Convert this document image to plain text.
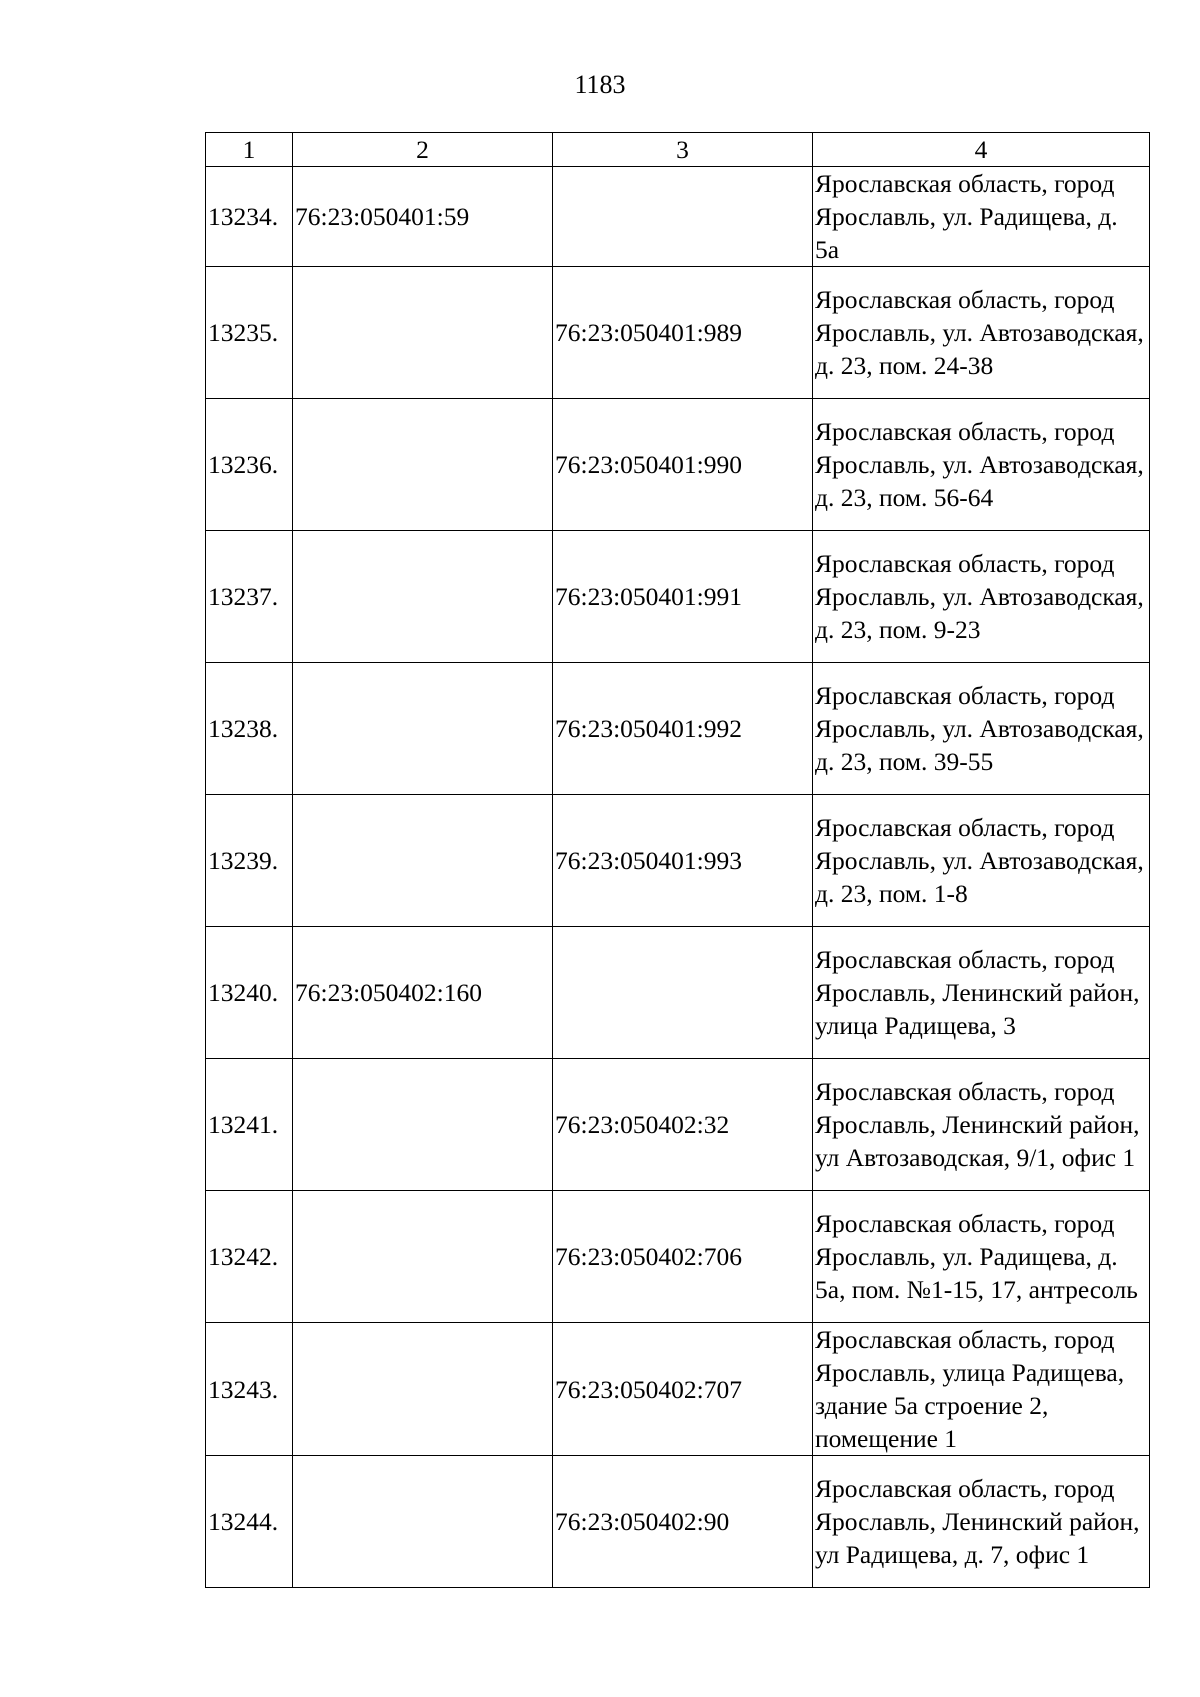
1183
1	2	3	4
13234.	76:23:050401:59		Ярославская область, город Ярославль, ул. Радищева, д. 5а
13235.		76:23:050401:989	Ярославская область, город Ярославль, ул. Автозаводская, д. 23, пом. 24-38
13236.		76:23:050401:990	Ярославская область, город Ярославль, ул. Автозаводская, д. 23, пом. 56-64
13237.		76:23:050401:991	Ярославская область, город Ярославль, ул. Автозаводская, д. 23, пом. 9-23
13238.		76:23:050401:992	Ярославская область, город Ярославль, ул. Автозаводская, д. 23, пом. 39-55
13239.		76:23:050401:993	Ярославская область, город Ярославль, ул. Автозаводская, д. 23, пом. 1-8
13240.	76:23:050402:160		Ярославская область, город Ярославль, Ленинский район, улица Радищева, 3
13241.		76:23:050402:32	Ярославская область, город Ярославль, Ленинский район, ул Автозаводская, 9/1, офис 1
13242.		76:23:050402:706	Ярославская область, город Ярославль, ул. Радищева, д. 5а, пом. №1-15, 17, антресоль
13243.		76:23:050402:707	Ярославская область, город Ярославль, улица Радищева, здание 5а строение 2, помещение 1
13244.		76:23:050402:90	Ярославская область, город Ярославль, Ленинский район, ул Радищева, д. 7, офис 1
